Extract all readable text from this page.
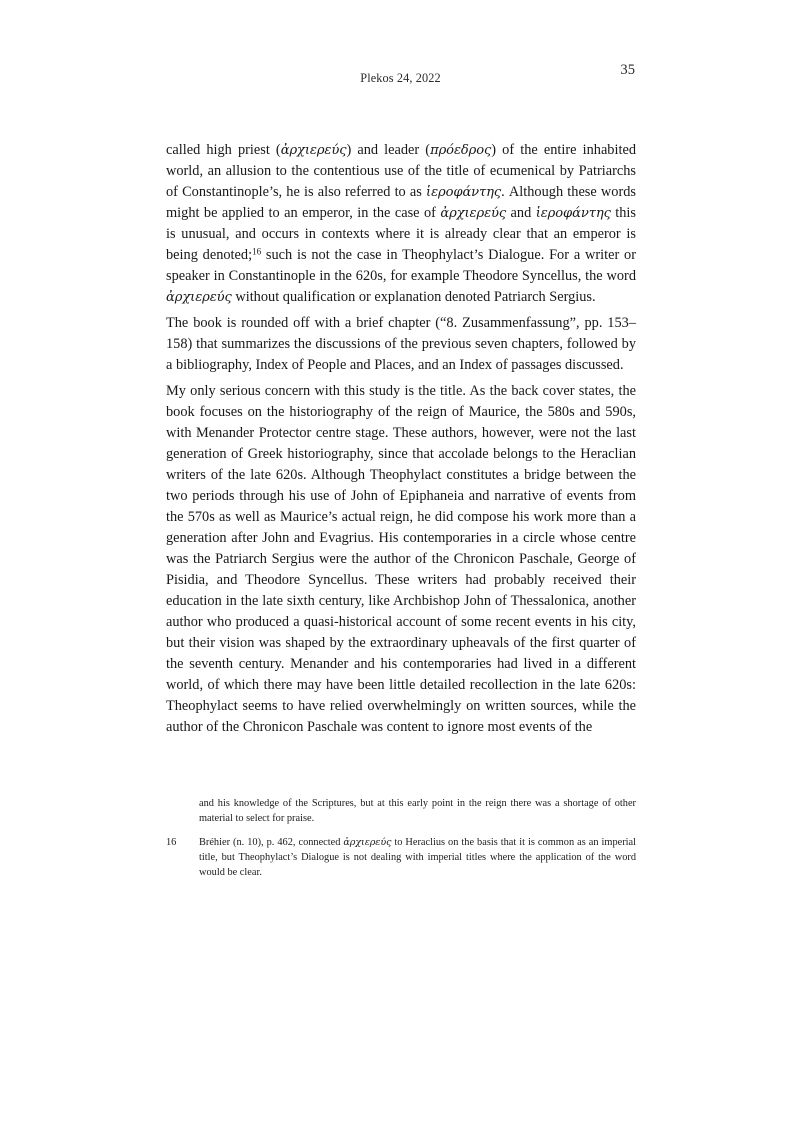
Plekos 24, 2022	35

called high priest (ἀρχιερεύς) and leader (πρόεδρος) of the entire inhabited world, an allusion to the contentious use of the title of ecumenical by Patriarchs of Constantinople’s, he is also referred to as ἱεροφάντης. Although these words might be applied to an emperor, in the case of ἀρχιερεύς and ἱεροφάντης this is unusual, and occurs in contexts where it is already clear that an emperor is being denoted;$^{16}$ such is not the case in Theophylact’s Dialogue. For a writer or speaker in Constantinople in the 620s, for example Theodore Syncellus, the word ἀρχιερεύς without qualification or explanation denoted Patriarch Sergius.

The book is rounded off with a brief chapter (“8. Zusammenfassung”, pp. 153–158) that summarizes the discussions of the previous seven chapters, followed by a bibliography, Index of People and Places, and an Index of passages discussed.

My only serious concern with this study is the title. As the back cover states, the book focuses on the historiography of the reign of Maurice, the 580s and 590s, with Menander Protector centre stage. These authors, however, were not the last generation of Greek historiography, since that accolade belongs to the Heraclian writers of the late 620s. Although Theophylact constitutes a bridge between the two periods through his use of John of Epiphaneia and narrative of events from the 570s as well as Maurice’s actual reign, he did compose his work more than a generation after John and Evagrius. His contemporaries in a circle whose centre was the Patriarch Sergius were the author of the Chronicon Paschale, George of Pisidia, and Theodore Syncellus. These writers had probably received their education in the late sixth century, like Archbishop John of Thessalonica, another author who produced a quasi-historical account of some recent events in his city, but their vision was shaped by the extraordinary upheavals of the first quarter of the seventh century. Menander and his contemporaries had lived in a different world, of which there may have been little detailed recollection in the late 620s: Theophylact seems to have relied overwhelmingly on written sources, while the author of the Chronicon Paschale was content to ignore most events of the

and his knowledge of the Scriptures, but at this early point in the reign there was a shortage of other material to select for praise.

16	Bréhier (n. 10), p. 462, connected ἀρχιερεύς to Heraclius on the basis that it is common as an imperial title, but Theophylact’s Dialogue is not dealing with imperial titles where the application of the word would be clear.
